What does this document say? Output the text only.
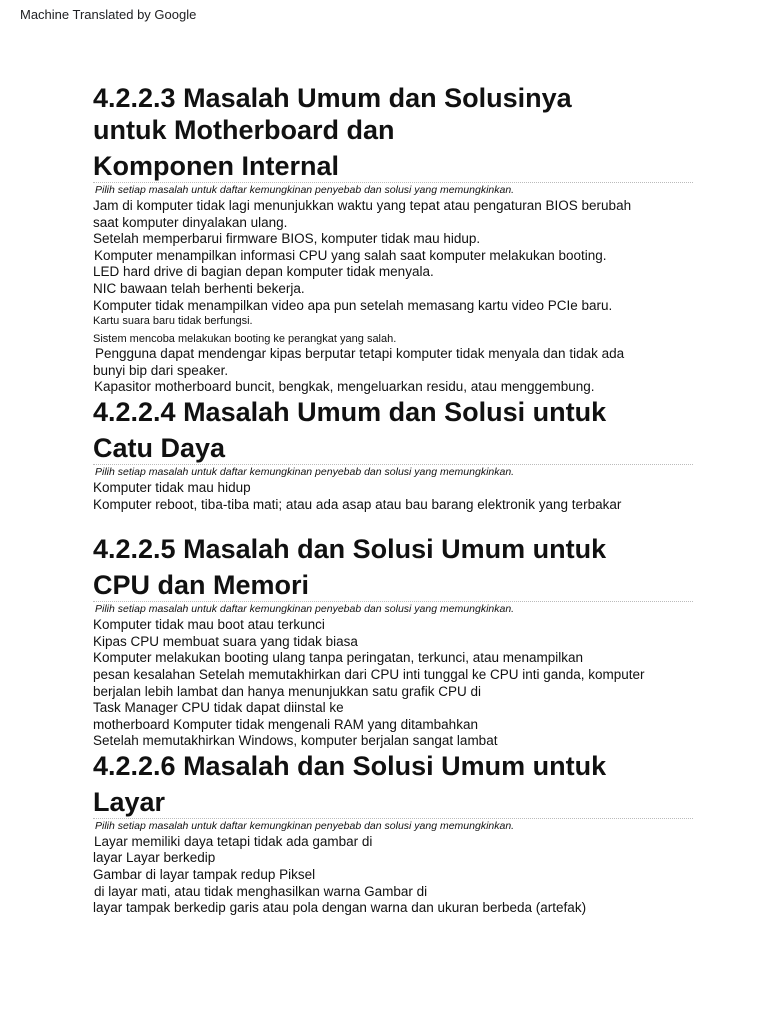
Machine Translated by Google
4.2.2.3 Masalah Umum dan Solusinya
untuk Motherboard dan
Komponen Internal
Pilih setiap masalah untuk daftar kemungkinan penyebab dan solusi yang memungkinkan.
Jam di komputer tidak lagi menunjukkan waktu yang tepat atau pengaturan BIOS berubah
saat komputer dinyalakan ulang.
Setelah memperbarui firmware BIOS, komputer tidak mau hidup.
Komputer menampilkan informasi CPU yang salah saat komputer melakukan booting.
LED hard drive di bagian depan komputer tidak menyala.
NIC bawaan telah berhenti bekerja.
Komputer tidak menampilkan video apa pun setelah memasang kartu video PCIe baru.
Kartu suara baru tidak berfungsi.
Sistem mencoba melakukan booting ke perangkat yang salah.
Pengguna dapat mendengar kipas berputar tetapi komputer tidak menyala dan tidak ada
bunyi bip dari speaker.
Kapasitor motherboard buncit, bengkak, mengeluarkan residu, atau menggembung.
4.2.2.4 Masalah Umum dan Solusi untuk
Catu Daya
Pilih setiap masalah untuk daftar kemungkinan penyebab dan solusi yang memungkinkan.
Komputer tidak mau hidup
Komputer reboot, tiba-tiba mati; atau ada asap atau bau barang elektronik yang terbakar
4.2.2.5 Masalah dan Solusi Umum untuk
CPU dan Memori
Pilih setiap masalah untuk daftar kemungkinan penyebab dan solusi yang memungkinkan.
Komputer tidak mau boot atau terkunci
Kipas CPU membuat suara yang tidak biasa
Komputer melakukan booting ulang tanpa peringatan, terkunci, atau menampilkan
pesan kesalahan Setelah memutakhirkan dari CPU inti tunggal ke CPU inti ganda, komputer
berjalan lebih lambat dan hanya menunjukkan satu grafik CPU di
Task Manager CPU tidak dapat diinstal ke
motherboard Komputer tidak mengenali RAM yang ditambahkan
Setelah memutakhirkan Windows, komputer berjalan sangat lambat
4.2.2.6 Masalah dan Solusi Umum untuk
Layar
Pilih setiap masalah untuk daftar kemungkinan penyebab dan solusi yang memungkinkan.
Layar memiliki daya tetapi tidak ada gambar di
layar Layar berkedip
Gambar di layar tampak redup Piksel
di layar mati, atau tidak menghasilkan warna Gambar di
layar tampak berkedip garis atau pola dengan warna dan ukuran berbeda (artefak)
